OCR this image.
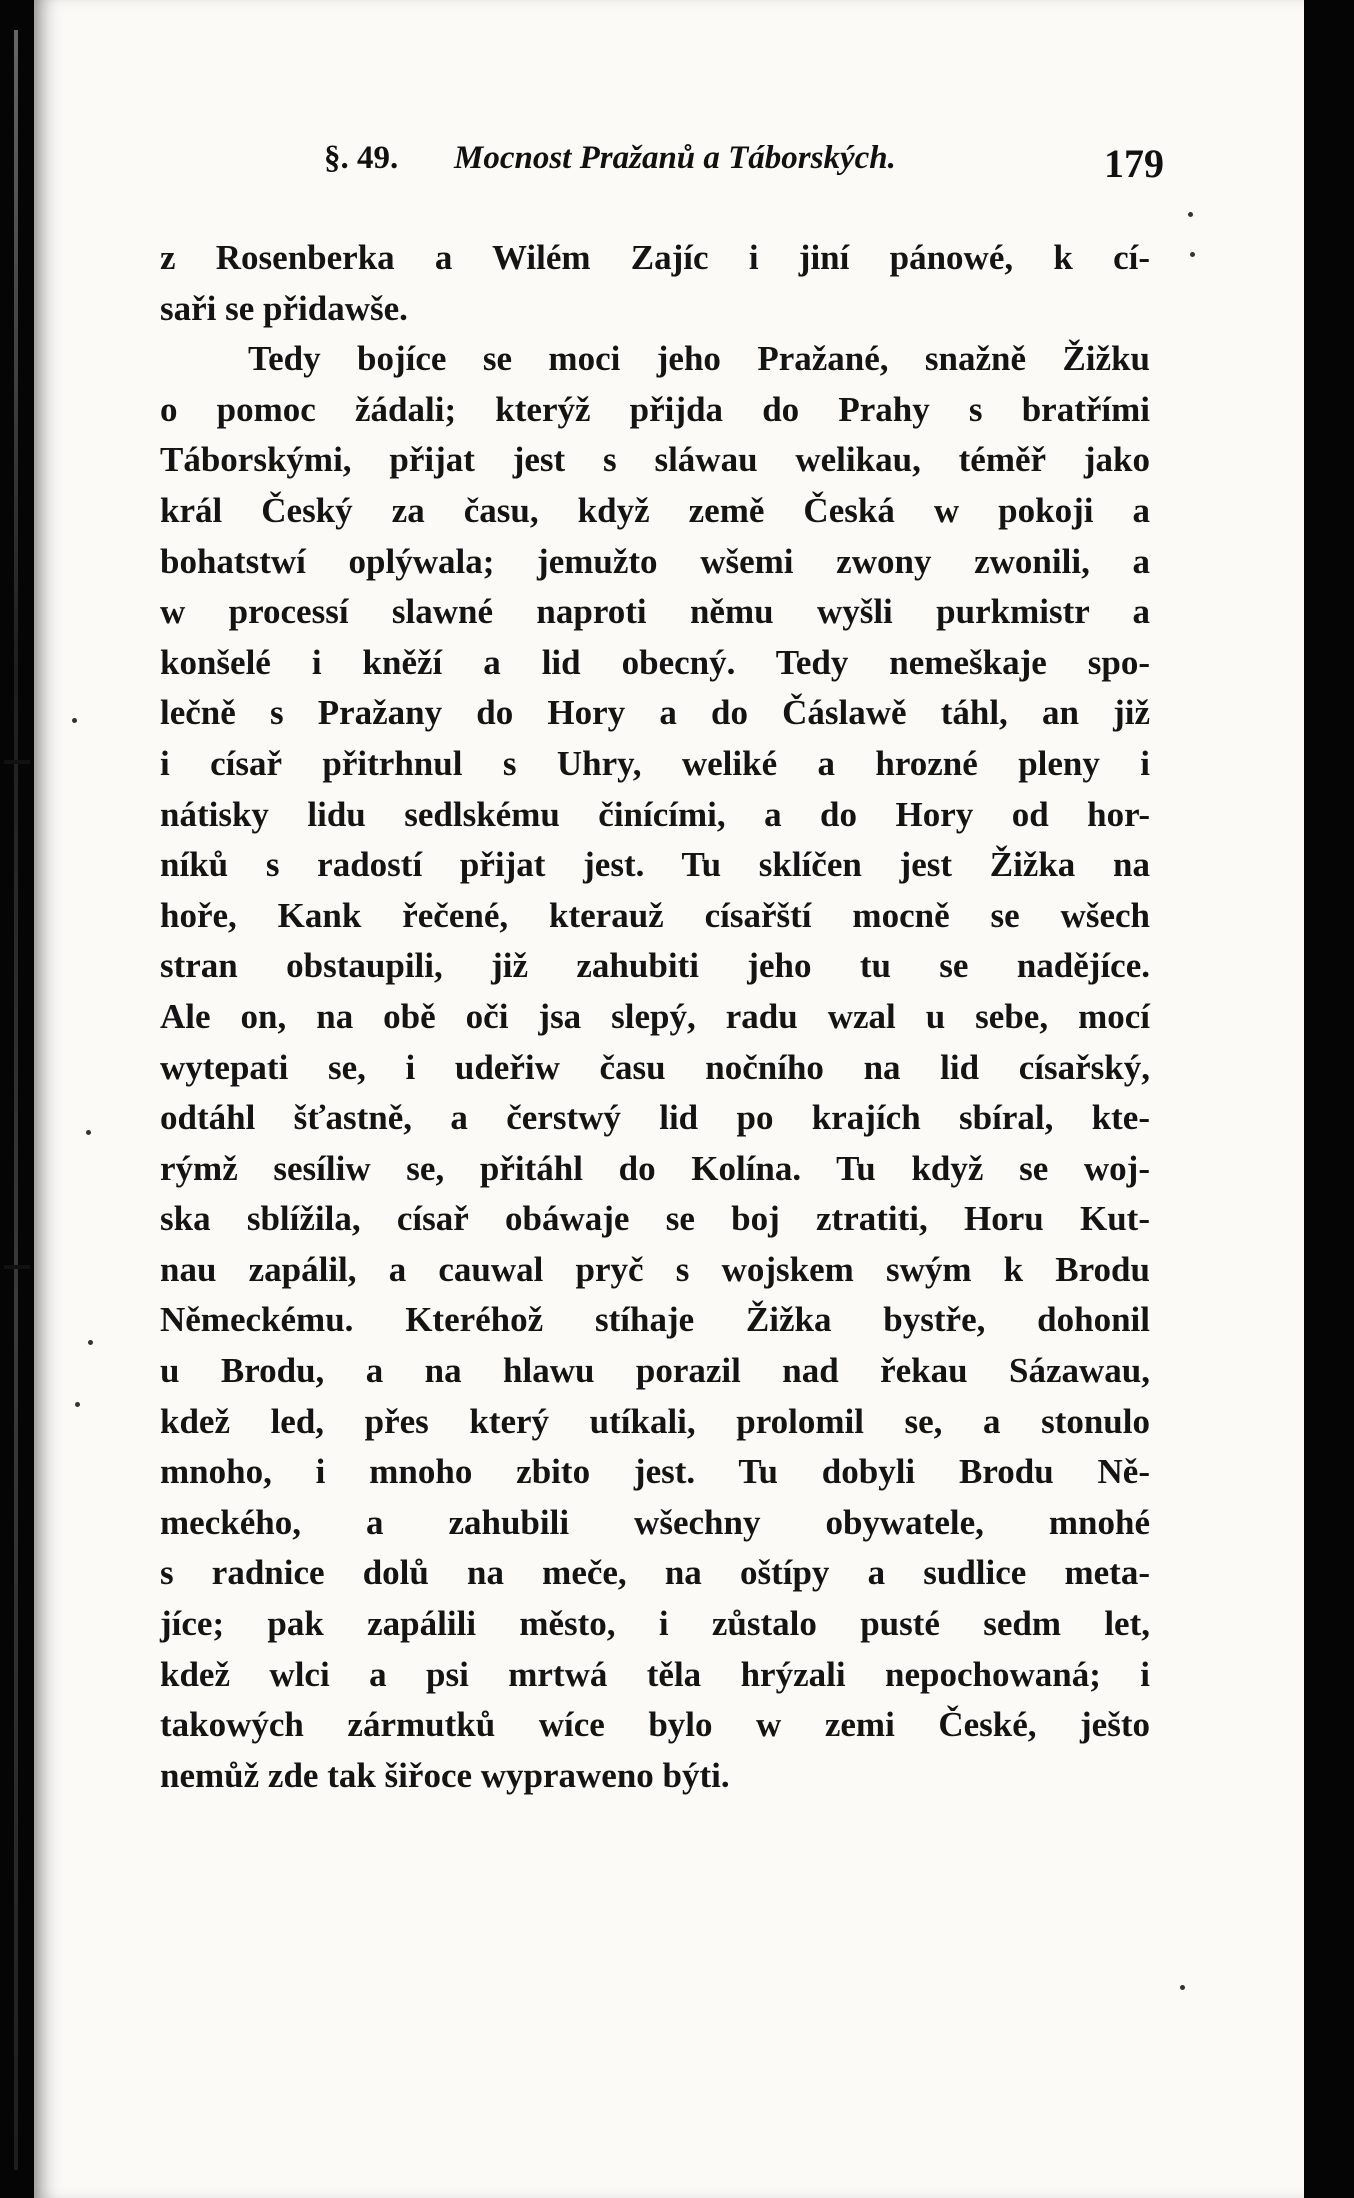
§. 49. Mocnost Pražanů a Táborských.	179
z Rosenberka a Wilém Zajíc i jiní pánowé, k cí-
saři se přidawše.
Tedy bojíce se moci jeho Pražané, snažně Žižku
o pomoc žádali; kterýž přijda do Prahy s bratřími
Táborskými, přijat jest s sláwau welikau, téměř jako
král Český za času, když země Česká w pokoji a
bohatstwí oplýwala; jemužto wšemi zwony zwonili, a
w processí slawné naproti němu wyšli purkmistr a
konšelé i kněží a lid obecný. Tedy nemeškaje spo-
lečně s Pražany do Hory a do Čáslawě táhl, an již
i císař přitrhnul s Uhry, weliké a hrozné pleny i
nátisky lidu sedlskému činícími, a do Hory od hor-
níků s radostí přijat jest. Tu sklíčen jest Žižka na
hoře, Kank řečené, kterauž císařští mocně se wšech
stran obstaupili, již zahubiti jeho tu se nadějíce.
Ale on, na obě oči jsa slepý, radu wzal u sebe, mocí
wytepati se, i udeřiw času nočního na lid císařský,
odtáhl šťastně, a čerstwý lid po krajích sbíral, kte-
rýmž sesíliw se, přitáhl do Kolína. Tu když se woj-
ska sblížila, císař obáwaje se boj ztratiti, Horu Kut-
nau zapálil, a cauwal pryč s wojskem swým k Brodu
Německému. Kteréhož stíhaje Žižka bystře, dohonil
u Brodu, a na hlawu porazil nad řekau Sázawau,
kdež led, přes který utíkali, prolomil se, a stonulo
mnoho, i mnoho zbito jest. Tu dobyli Brodu Ně-
meckého, a zahubili wšechny obywatele, mnohé
s radnice dolů na meče, na oštípy a sudlice meta-
jíce; pak zapálili město, i zůstalo pusté sedm let,
kdež wlci a psi mrtwá těla hrýzali nepochowaná; i
takowých zármutků wíce bylo w zemi České, ješto
nemůž zde tak šiřoce wypraweno býti.
